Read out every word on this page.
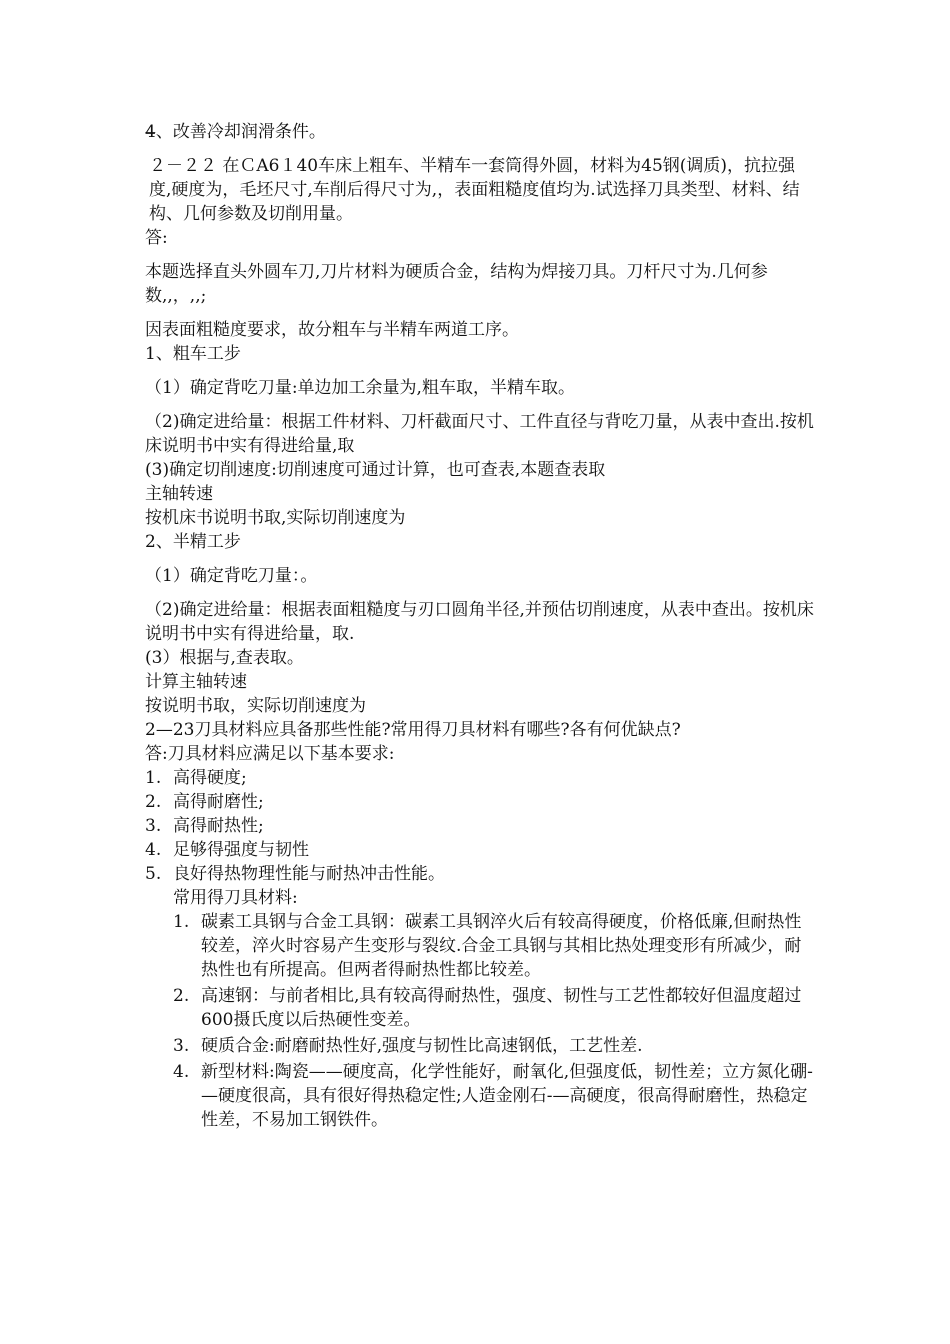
4̶、改善冷却润滑条件。

２－２２ 在ＣA6１40车床上粗车、半精车一套筒得外圆，材料为45钢(调质)，抗拉强度,硬度为，毛坯尺寸,车削后得尺寸为,，表面粗糙度值均为.试选择刀具类型、材料、结构、几何参数及切削用量。

答:

本题选择直头外圆车刀,刀片材料为硬质合金，结构为焊接刀具。刀杆尺寸为.几何参数,,，,,;

因表面粗糙度要求，故分粗车与半精车两道工序。

1、粗车工步

（1）确定背吃刀量:单边加工余量为,粗车取，半精车取。

（2)确定进给量：根据工件材料、刀杆截面尺寸、工件直径与背吃刀量，从表中查出.按机床说明书中实有得进给量,取

(3)确定切削速度:切削速度可通过计算，也可查表,本题查表取

主轴转速

按机床书说明书取,实际切削速度为

2、半精工步

（1）确定背吃刀量：。

（2)确定进给量：根据表面粗糙度与刃口圆角半径,并预估切削速度，从表中查出。按机床说明书中实有得进给量，取.

(3）根据与,查表取。

计算主轴转速

按说明书取，实际切削速度为

2—23刀具材料应具备那些性能?常用得刀具材料有哪些?各有何优缺点?

答:刀具材料应满足以下基本要求:

1. 高得硬度;
2. 高得耐磨性;
3. 高得耐热性;
4. 足够得强度与韧性
5. 良好得热物理性能与耐热冲击性能。

常用得刀具材料:

1. 碳素工具钢与合金工具钢：碳素工具钢淬火后有较高得硬度，价格低廉,但耐热性较差，淬火时容易产生变形与裂纹.合金工具钢与其相比热处理变形有所减少，耐热性也有所提高。但两者得耐热性都比较差。
2. 高速钢：与前者相比,具有较高得耐热性，强度、韧性与工艺性都较好但温度超过600摄氏度以后热硬性变差。
3. 硬质合金:耐磨耐热性好,强度与韧性比高速钢低，工艺性差.
4. 新型材料:陶瓷——硬度高，化学性能好，耐氧化,但强度低，韧性差；立方氮化硼-—硬度很高，具有很好得热稳定性;人造金刚石-—高硬度，很高得耐磨性，热稳定性差，不易加工钢铁件。
